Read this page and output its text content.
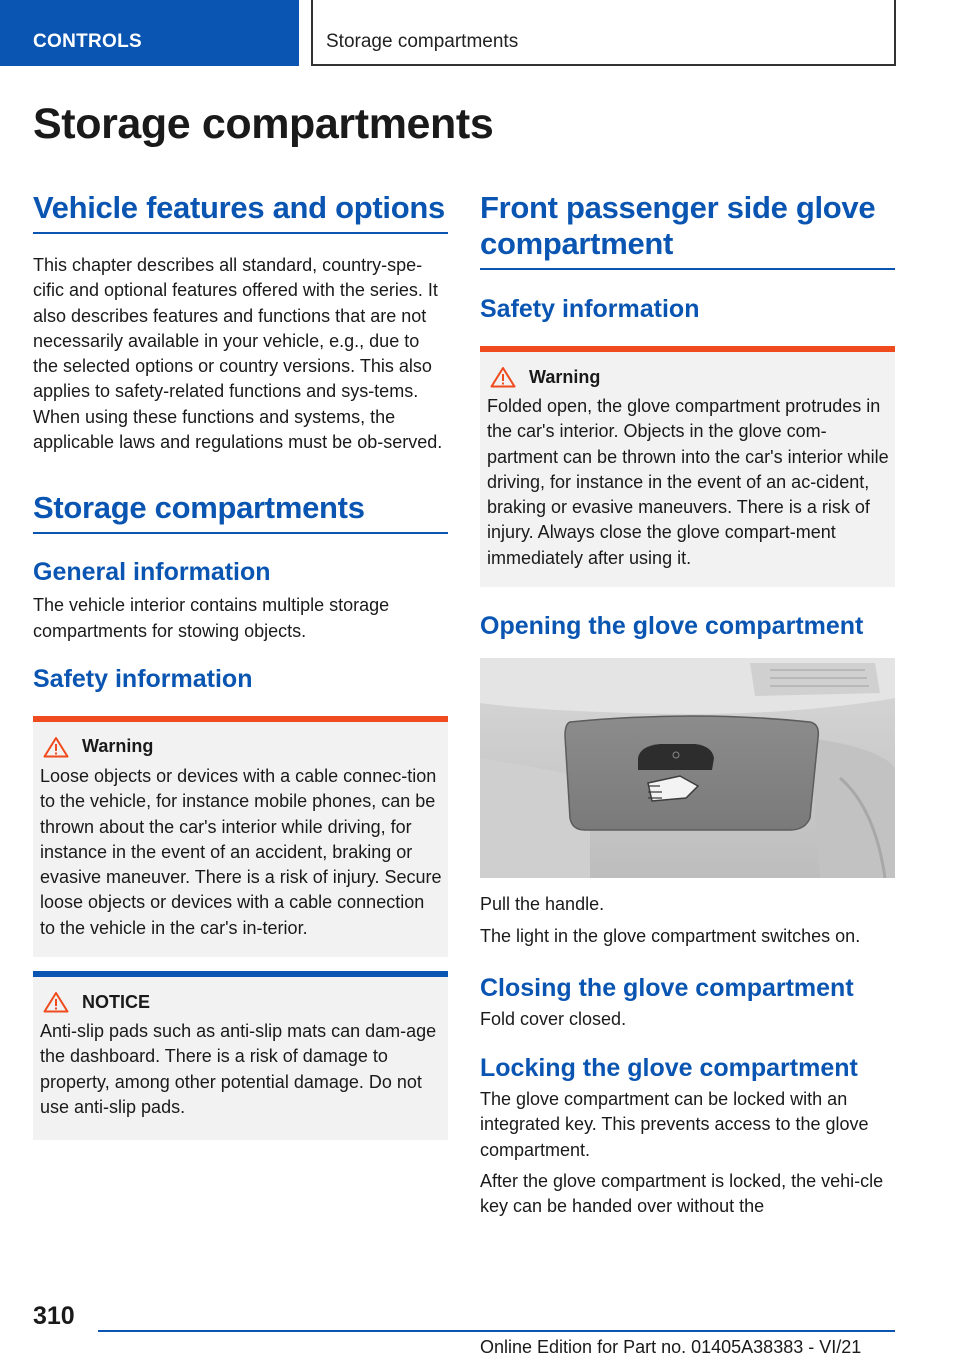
CONTROLS	Storage compartments
Storage compartments
Vehicle features and options
This chapter describes all standard, country-spe-cific and optional features offered with the series. It also describes features and functions that are not necessarily available in your vehicle, e.g., due to the selected options or country versions. This also applies to safety-related functions and sys-tems. When using these functions and systems, the applicable laws and regulations must be ob-served.
Storage compartments
General information
The vehicle interior contains multiple storage compartments for stowing objects.
Safety information
Warning
Loose objects or devices with a cable connec-tion to the vehicle, for instance mobile phones, can be thrown about the car's interior while driving, for instance in the event of an accident, braking or evasive maneuver. There is a risk of injury. Secure loose objects or devices with a cable connection to the vehicle in the car's in-terior.
NOTICE
Anti-slip pads such as anti-slip mats can dam-age the dashboard. There is a risk of damage to property, among other potential damage. Do not use anti-slip pads.
Front passenger side glove compartment
Safety information
Warning
Folded open, the glove compartment protrudes in the car's interior. Objects in the glove com-partment can be thrown into the car's interior while driving, for instance in the event of an ac-cident, braking or evasive maneuvers. There is a risk of injury. Always close the glove compart-ment immediately after using it.
Opening the glove compartment
Pull the handle.
The light in the glove compartment switches on.
Closing the glove compartment
Fold cover closed.
Locking the glove compartment
The glove compartment can be locked with an integrated key. This prevents access to the glove compartment.
After the glove compartment is locked, the vehi-cle key can be handed over without the
310
Online Edition for Part no. 01405A38383 - VI/21
